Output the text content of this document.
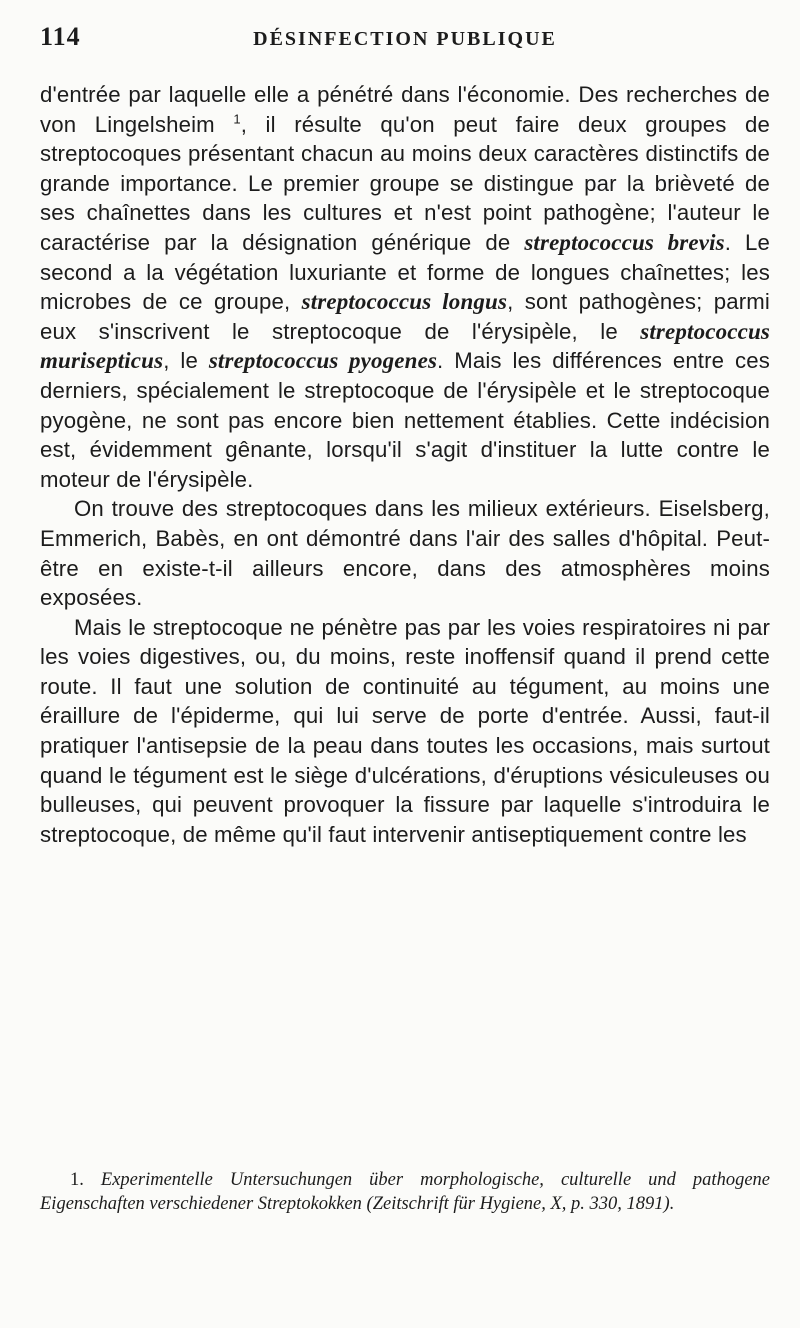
114	DÉSINFECTION PUBLIQUE

d'entrée par laquelle elle a pénétré dans l'économie. Des recherches de von Lingelsheim $^1$, il résulte qu'on peut faire deux groupes de streptocoques présentant chacun au moins deux caractères distinctifs de grande importance. Le premier groupe se distingue par la brièveté de ses chaînettes dans les cultures et n'est point pathogène; l'auteur le caractérise par la désignation générique de streptococcus brevis. Le second a la végétation luxuriante et forme de longues chaînettes; les microbes de ce groupe, streptococcus longus, sont pathogènes; parmi eux s'inscrivent le streptocoque de l'érysipèle, le streptococcus murisepticus, le streptococcus pyogenes. Mais les différences entre ces derniers, spécialement le streptocoque de l'érysipèle et le streptocoque pyogène, ne sont pas encore bien nettement établies. Cette indécision est, évidemment gênante, lorsqu'il s'agit d'instituer la lutte contre le moteur de l'érysipèle.

On trouve des streptocoques dans les milieux extérieurs. Eiselsberg, Emmerich, Babès, en ont démontré dans l'air des salles d'hôpital. Peut-être en existe-t-il ailleurs encore, dans des atmosphères moins exposées.

Mais le streptocoque ne pénètre pas par les voies respiratoires ni par les voies digestives, ou, du moins, reste inoffensif quand il prend cette route. Il faut une solution de continuité au tégument, au moins une éraillure de l'épiderme, qui lui serve de porte d'entrée. Aussi, faut-il pratiquer l'antisepsie de la peau dans toutes les occasions, mais surtout quand le tégument est le siège d'ulcérations, d'éruptions vésiculeuses ou bulleuses, qui peuvent provoquer la fissure par laquelle s'introduira le streptocoque, de même qu'il faut intervenir antiseptiquement contre les

1. Experimentelle Untersuchungen über morphologische, culturelle und pathogene Eigenschaften verschiedener Streptokokken (Zeitschrift für Hygiene, X, p. 330, 1891).
